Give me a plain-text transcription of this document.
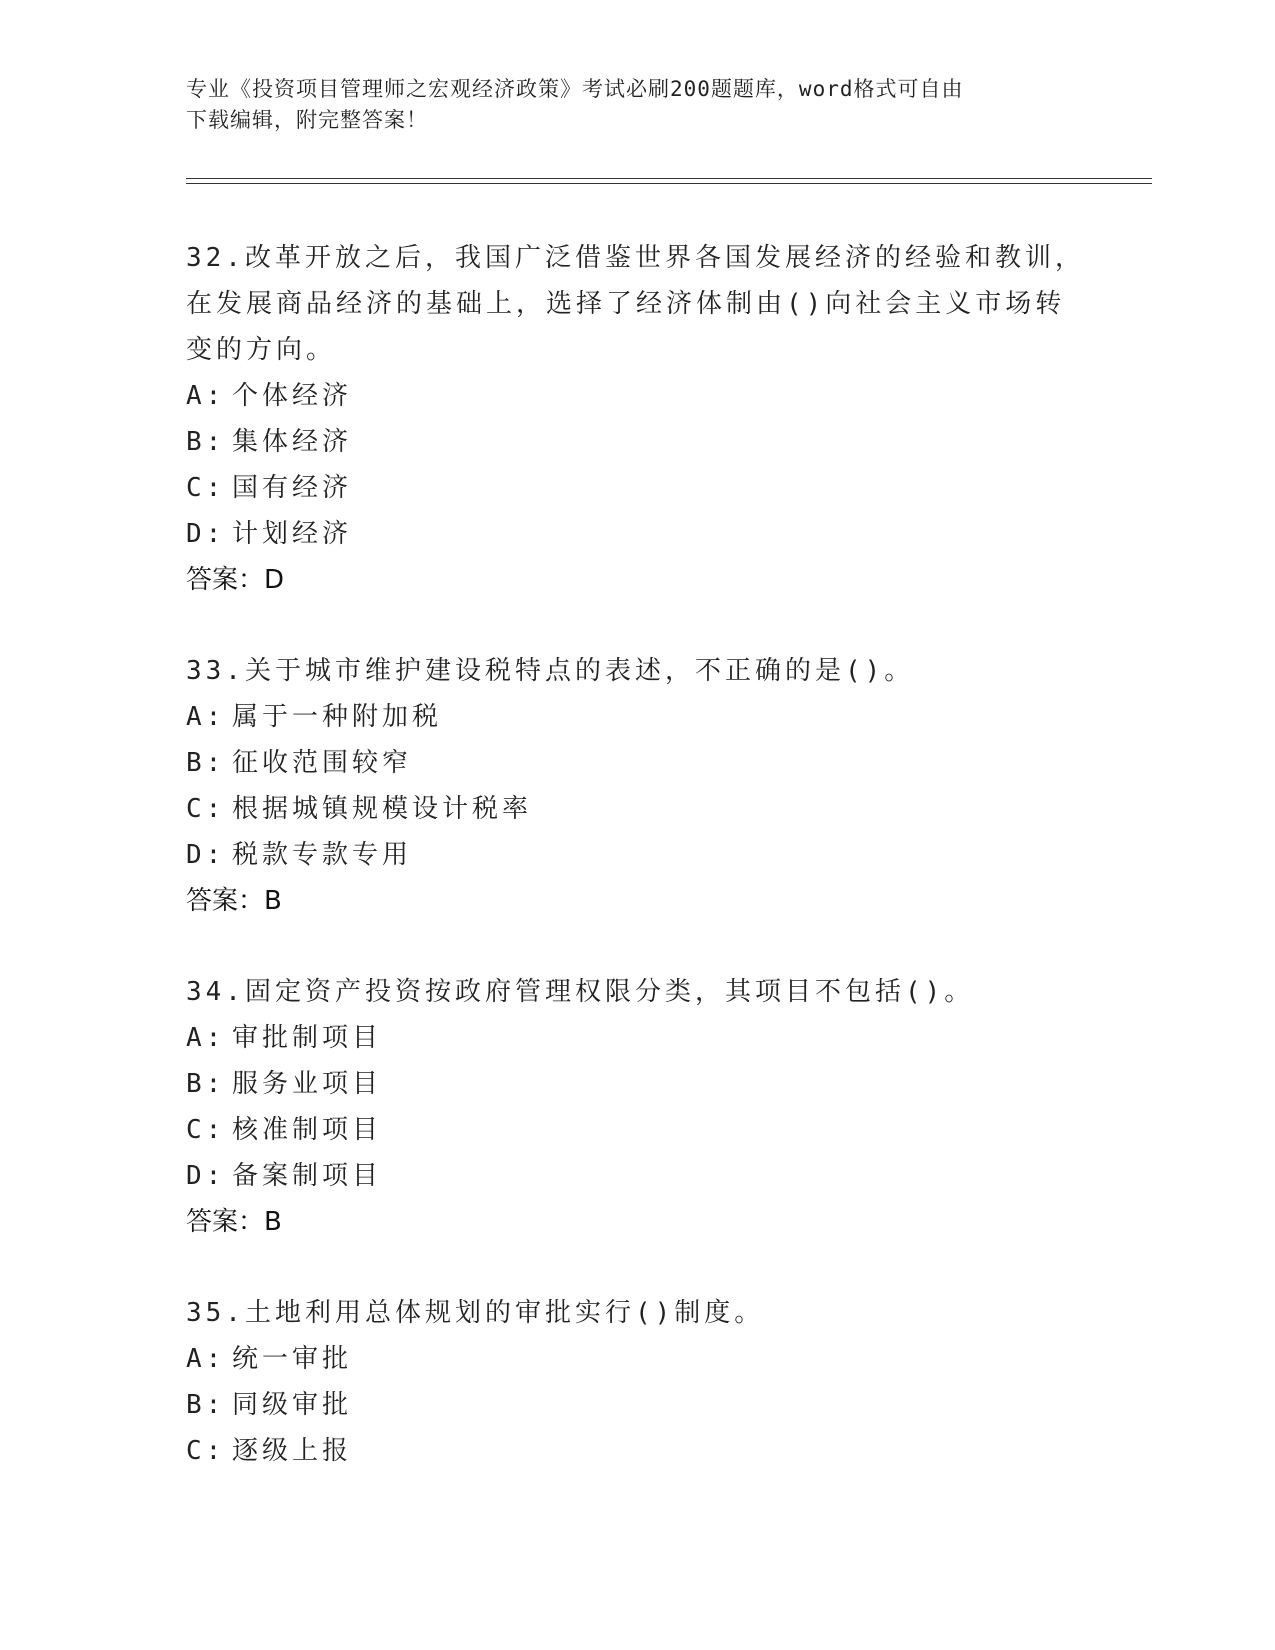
专业《投资项目管理师之宏观经济政策》考试必刷200题题库，word格式可自由
下载编辑，附完整答案！

32.改革开放之后，我国广泛借鉴世界各国发展经济的经验和教训，在发展商品经济的基础上，选择了经济体制由()向社会主义市场转变的方向。

A: 个体经济

B: 集体经济

C: 国有经济

D: 计划经济

答案：D

33.关于城市维护建设税特点的表述，不正确的是()。

A: 属于一种附加税

B: 征收范围较窄

C: 根据城镇规模设计税率

D: 税款专款专用

答案：B

34.固定资产投资按政府管理权限分类，其项目不包括()。

A: 审批制项目

B: 服务业项目

C: 核准制项目

D: 备案制项目

答案：B

35.土地利用总体规划的审批实行()制度。

A: 统一审批

B: 同级审批

C: 逐级上报
